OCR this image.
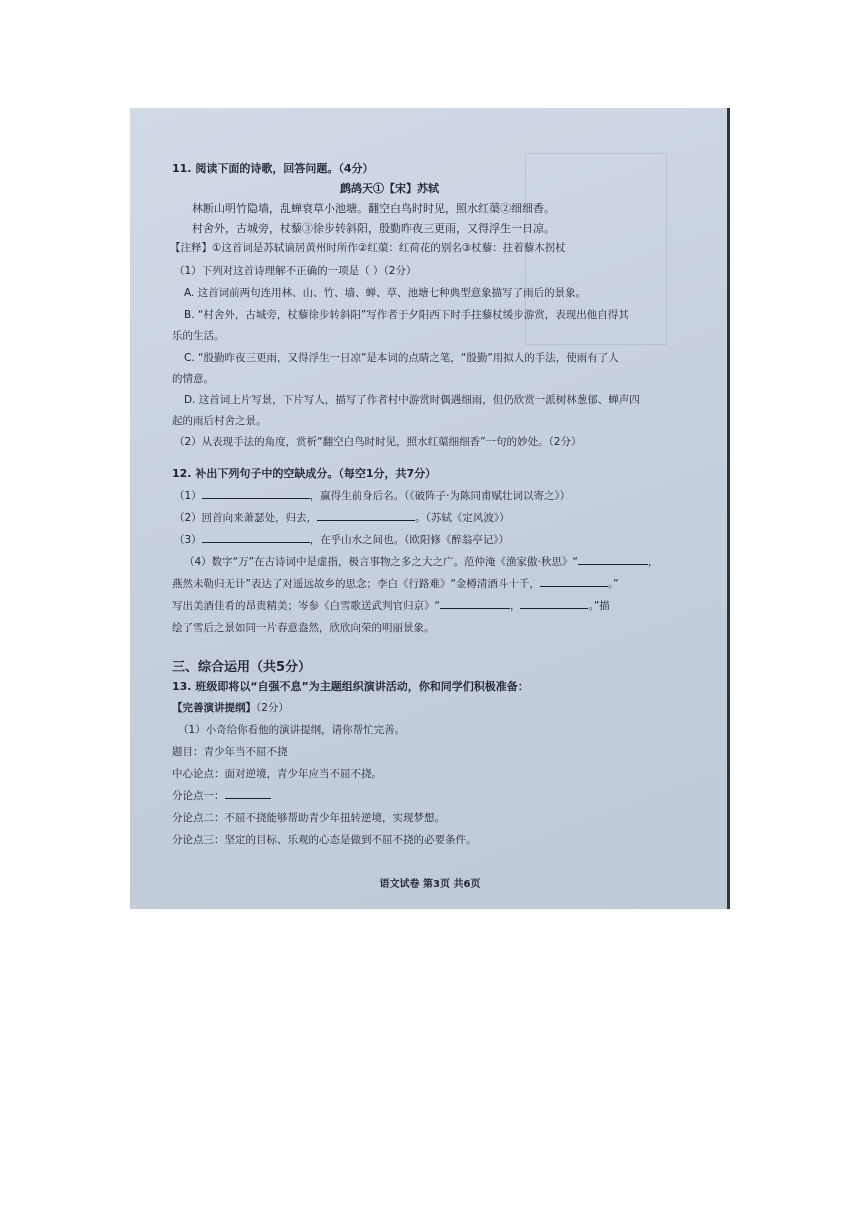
11. 阅读下面的诗歌，回答问题。（4分）
鹧鸪天①【宋】苏轼
林断山明竹隐墙，乱蝉衰草小池塘。翻空白鸟时时见，照水红蕖②细细香。
村舍外，古城旁，杖藜③徐步转斜阳，殷勤昨夜三更雨，又得浮生一日凉。
【注释】①这首词是苏轼谪居黄州时所作②红蕖：红荷花的别名③杖藜：拄着藜木拐杖
（1）下列对这首诗理解不正确的一项是（ ）（2分）
A. 这首词前两句连用林、山、竹、墙、蝉、草、池塘七种典型意象描写了雨后的景象。
B. “村舍外，古城旁，杖藜徐步转斜阳”写作者于夕阳西下时手拄藜杖缓步游赏，表现出他自得其
乐的生活。
C. “殷勤昨夜三更雨，又得浮生一日凉”是本词的点睛之笔，“殷勤”用拟人的手法，使雨有了人
的情意。
D. 这首词上片写景，下片写人，描写了作者村中游赏时偶遇细雨，但仍欣赏一派树林葱郁、蝉声四
起的雨后村舍之景。
（2）从表现手法的角度，赏析“翻空白鸟时时见，照水红蕖细细香”一句的妙处。（2分）
12. 补出下列句子中的空缺成分。（每空1分，共7分）
（1）	，赢得生前身后名。（《破阵子·为陈同甫赋壮词以寄之》）
（2）回首向来萧瑟处，归去，	。（苏轼《定风波》）
（3）	，在乎山水之间也。（欧阳修《醉翁亭记》）
（4）数字“万”在古诗词中是虚指，极言事物之多之大之广。范仲淹《渔家傲·秋思》“	，
燕然未勒归无计”表达了对遥远故乡的思念；李白《行路难》“金樽清酒斗十千，	。”
写出美酒佳肴的昂贵精美；岑参《白雪歌送武判官归京》“	，	。”描
绘了雪后之景如同一片春意盎然，欣欣向荣的明丽景象。
三、综合运用（共5分）
13. 班级即将以“自强不息”为主题组织演讲活动，你和同学们积极准备：
【完善演讲提纲】（2分）
（1）小奇给你看他的演讲提纲，请你帮忙完善。
题目：青少年当不屈不挠
中心论点：面对逆境，青少年应当不屈不挠。
分论点一：
分论点二：不屈不挠能够帮助青少年扭转逆境，实现梦想。
分论点三：坚定的目标、乐观的心态是做到不屈不挠的必要条件。
语文试卷 第3页 共6页
